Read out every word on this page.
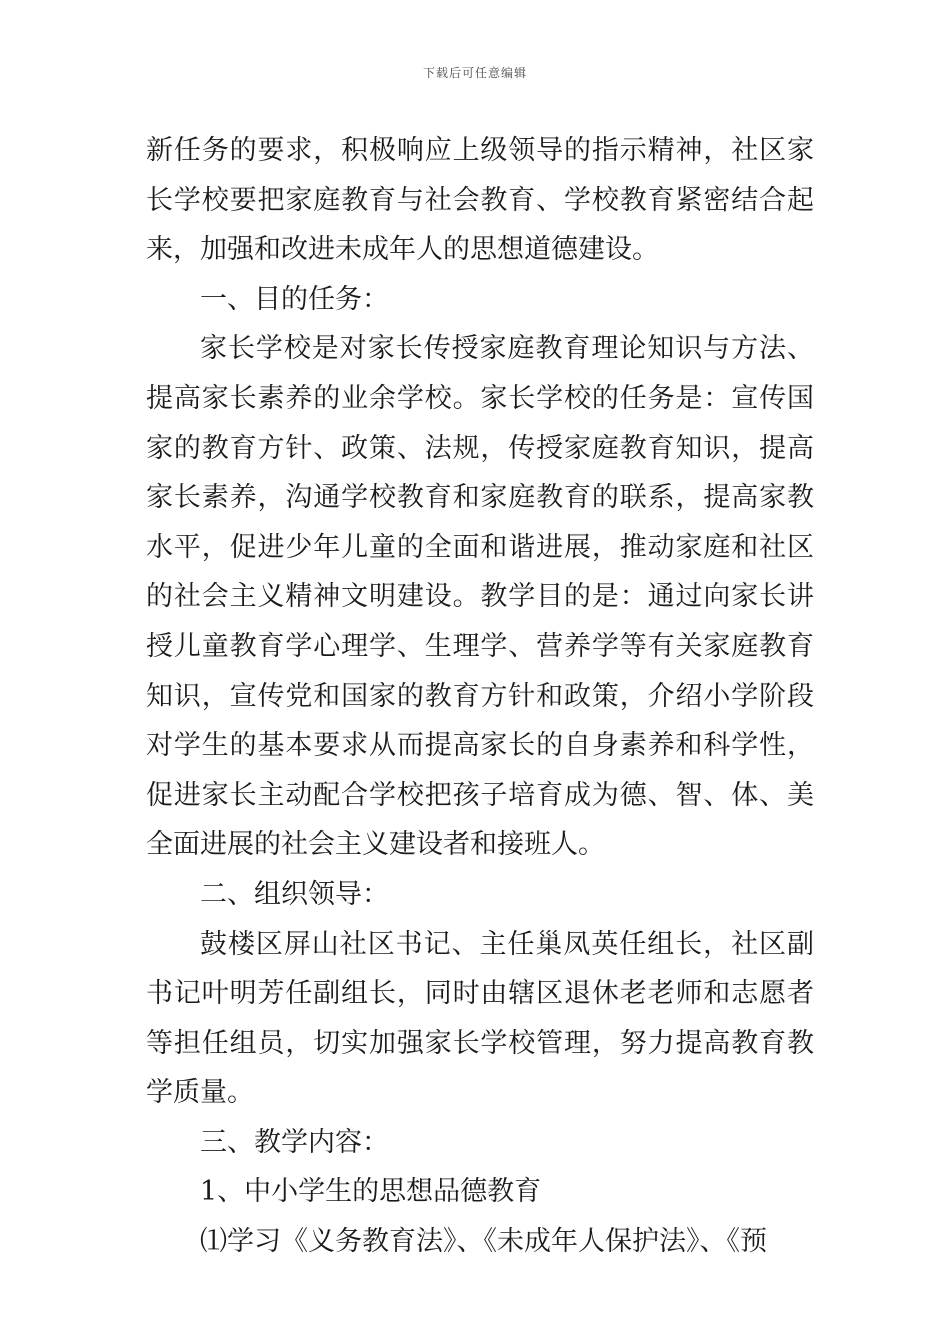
下载后可任意编辑

新任务的要求，积极响应上级领导的指示精神，社区家长学校要把家庭教育与社会教育、学校教育紧密结合起来，加强和改进未成年人的思想道德建设。

一、目的任务：

家长学校是对家长传授家庭教育理论知识与方法、提高家长素养的业余学校。家长学校的任务是：宣传国家的教育方针、政策、法规，传授家庭教育知识，提高家长素养，沟通学校教育和家庭教育的联系，提高家教水平，促进少年儿童的全面和谐进展，推动家庭和社区的社会主义精神文明建设。教学目的是：通过向家长讲授儿童教育学心理学、生理学、营养学等有关家庭教育知识，宣传党和国家的教育方针和政策，介绍小学阶段对学生的基本要求从而提高家长的自身素养和科学性，促进家长主动配合学校把孩子培育成为德、智、体、美全面进展的社会主义建设者和接班人。

二、组织领导：

鼓楼区屏山社区书记、主任巢凤英任组长，社区副书记叶明芳任副组长，同时由辖区退休老老师和志愿者等担任组员，切实加强家长学校管理，努力提高教育教学质量。

三、教学内容：

1、中小学生的思想品德教育

⑴学习《义务教育法》、《未成年人保护法》、《预
